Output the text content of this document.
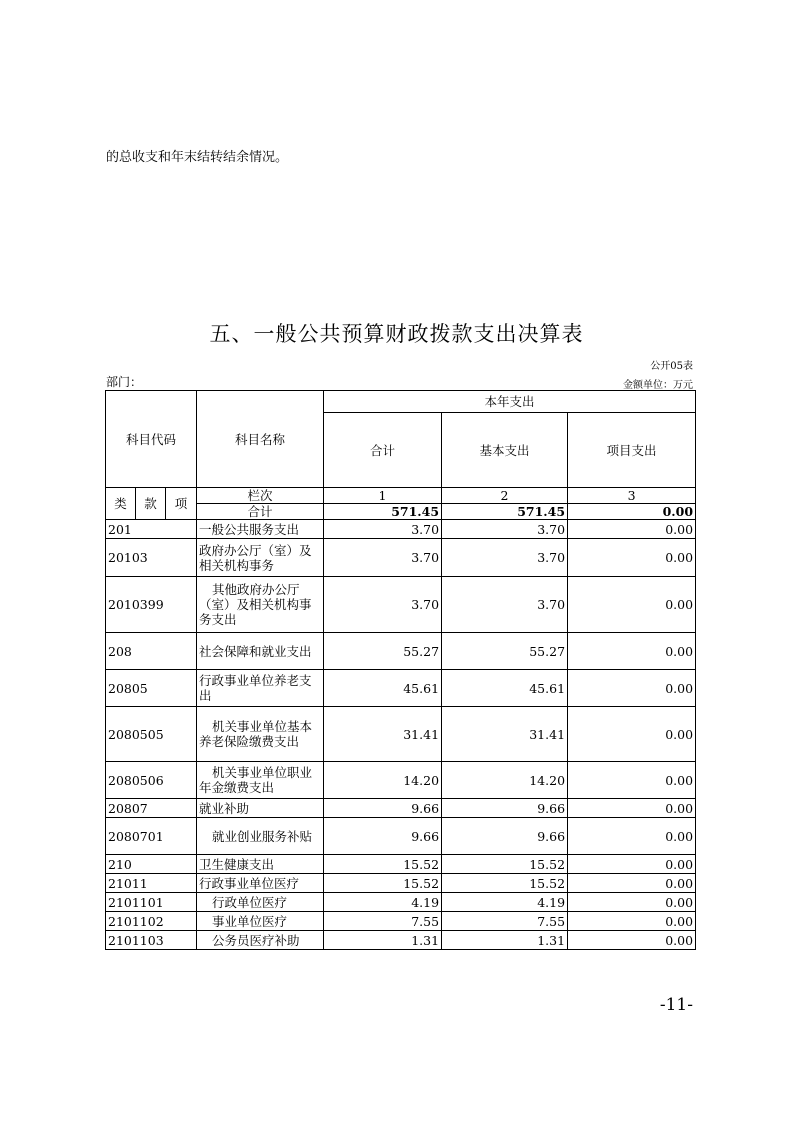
的总收支和年末结转结余情况。
五、一般公共预算财政拨款支出决算表
公开05表
部门：	金额单位：万元
科目代码			科目名称	本年支出		
				合计	基本支出	项目支出
类	款	项	栏次	1	2	3
			合计	571.45	571.45	0.00
201			一般公共服务支出	3.70	3.70	0.00
20103			政府办公厅（室）及相关机构事务	3.70	3.70	0.00
2010399			其他政府办公厅（室）及相关机构事务支出	3.70	3.70	0.00
208			社会保障和就业支出	55.27	55.27	0.00
20805			行政事业单位养老支出	45.61	45.61	0.00
2080505			机关事业单位基本养老保险缴费支出	31.41	31.41	0.00
2080506			机关事业单位职业年金缴费支出	14.20	14.20	0.00
20807			就业补助	9.66	9.66	0.00
2080701			就业创业服务补贴	9.66	9.66	0.00
210			卫生健康支出	15.52	15.52	0.00
21011			行政事业单位医疗	15.52	15.52	0.00
2101101			行政单位医疗	4.19	4.19	0.00
2101102			事业单位医疗	7.55	7.55	0.00
2101103			公务员医疗补助	1.31	1.31	0.00
-11-
